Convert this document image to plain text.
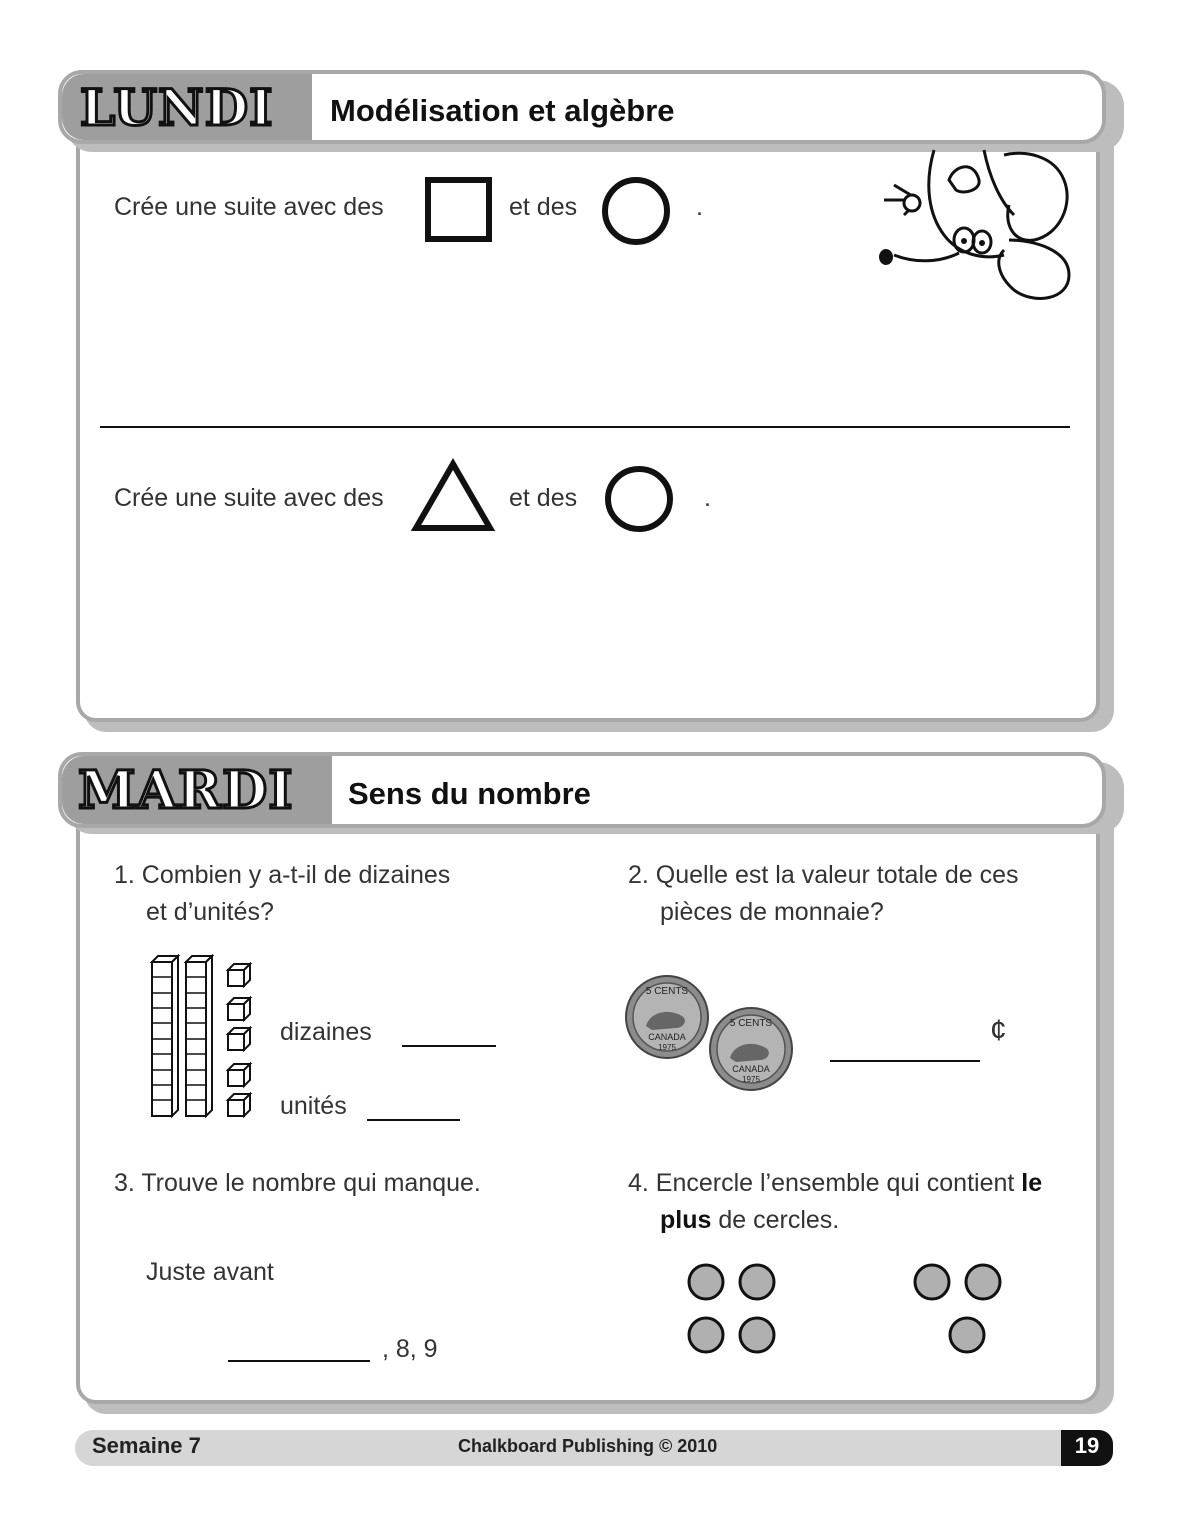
LUNDI Modélisation et algèbre
Crée une suite avec des	et des	.
Crée une suite avec des	et des	.
MARDI Sens du nombre
1. Combien y a-t-il de dizaines
et d’unités?
dizaines
unités
2. Quelle est la valeur totale de ces
pièces de monnaie?
5 CENTS
CANADA
1975
5 CENTS
CANADA
1975
¢
3. Trouve le nombre qui manque.
Juste avant
, 8, 9
4. Encercle l’ensemble qui contient le
plus de cercles.
Semaine 7	Chalkboard Publishing © 2010	19
